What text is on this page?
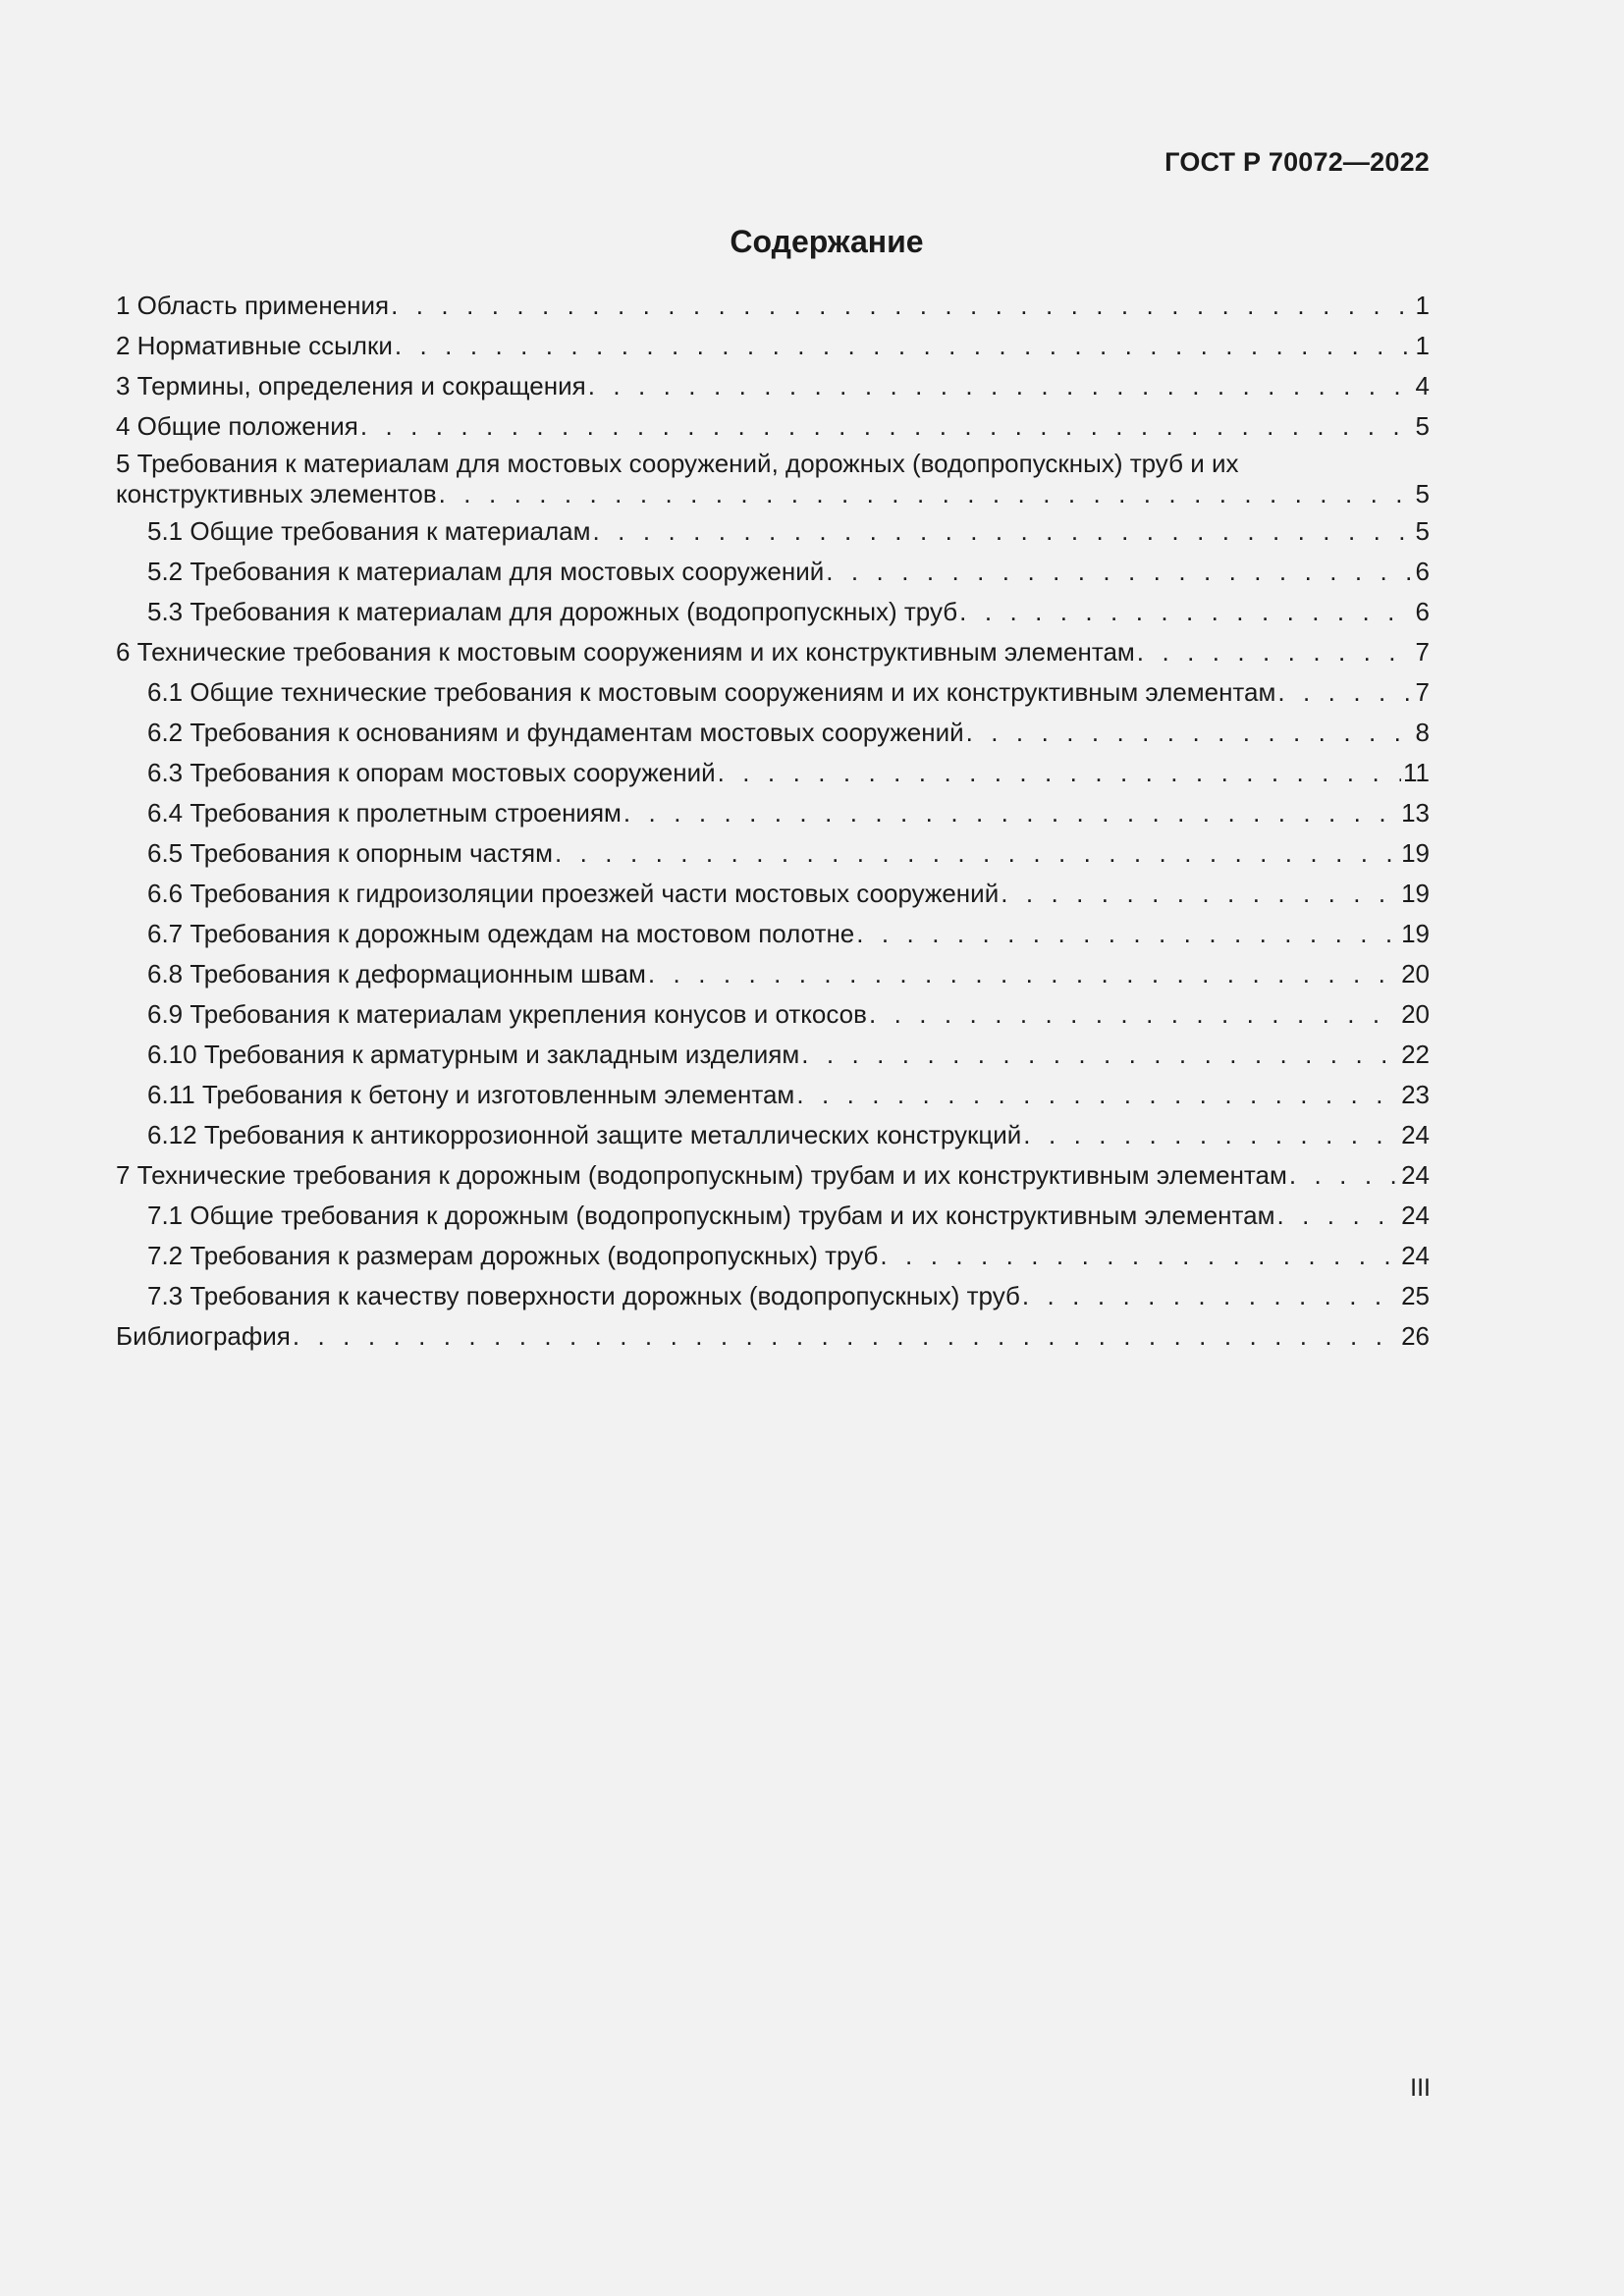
ГОСТ Р 70072—2022
Содержание
1 Область применения . . .	1
2 Нормативные ссылки . . .	1
3 Термины, определения и сокращения . . .	4
4 Общие положения . . .	5
5 Требования к материалам для мостовых сооружений, дорожных (водопропускных) труб и их
конструктивных элементов . . .	5
5.1 Общие требования к материалам . . .	5
5.2 Требования к материалам для мостовых сооружений . . .	6
5.3 Требования к материалам для дорожных (водопропускных) труб . . .	6
6 Технические требования к мостовым сооружениям и их конструктивным элементам . . .	7
6.1 Общие технические требования к мостовым сооружениям и их конструктивным элементам . . .	7
6.2 Требования к основаниям и фундаментам мостовых сооружений . . .	8
6.3 Требования к опорам мостовых сооружений . . .	11
6.4 Требования к пролетным строениям . . .	13
6.5 Требования к опорным частям . . .	19
6.6 Требования к гидроизоляции проезжей части мостовых сооружений . . .	19
6.7 Требования к дорожным одеждам на мостовом полотне . . .	19
6.8 Требования к деформационным швам . . .	20
6.9 Требования к материалам укрепления конусов и откосов . . .	20
6.10 Требования к арматурным и закладным изделиям . . .	22
6.11 Требования к бетону и изготовленным элементам . . .	23
6.12 Требования к антикоррозионной защите металлических конструкций . . .	24
7 Технические требования к дорожным (водопропускным) трубам и их конструктивным элементам . . .	24
7.1 Общие требования к дорожным (водопропускным) трубам и их конструктивным элементам . . .	24
7.2 Требования к размерам дорожных (водопропускных) труб . . .	24
7.3 Требования к качеству поверхности дорожных (водопропускных) труб . . .	25
Библиография . . .	26
III
